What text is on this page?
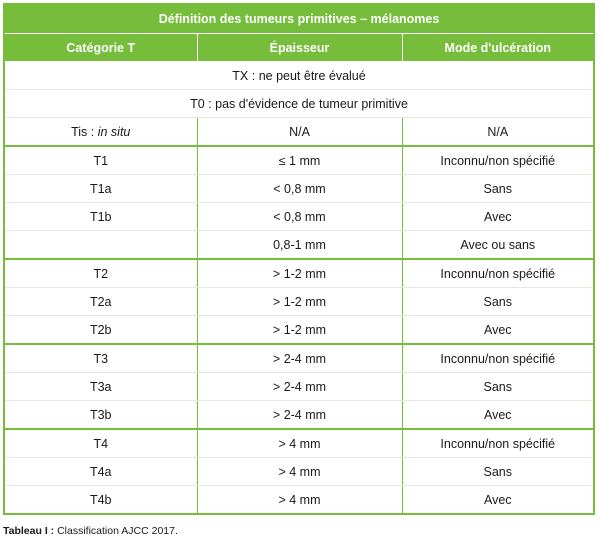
Définition des tumeurs primitives – mélanomes		
Catégorie T	Épaisseur	Mode d'ulcération
TX : ne peut être évalué		
T0 : pas d'évidence de tumeur primitive		
Tis : in situ	N/A	N/A
T1	≤ 1 mm	Inconnu/non spécifié
T1a	< 0,8 mm	Sans
T1b	< 0,8 mm	Avec
	0,8-1 mm	Avec ou sans
T2	> 1-2 mm	Inconnu/non spécifié
T2a	> 1-2 mm	Sans
T2b	> 1-2 mm	Avec
T3	> 2-4 mm	Inconnu/non spécifié
T3a	> 2-4 mm	Sans
T3b	> 2-4 mm	Avec
T4	> 4 mm	Inconnu/non spécifié
T4a	> 4 mm	Sans
T4b	> 4 mm	Avec
Tableau I : Classification AJCC 2017.
